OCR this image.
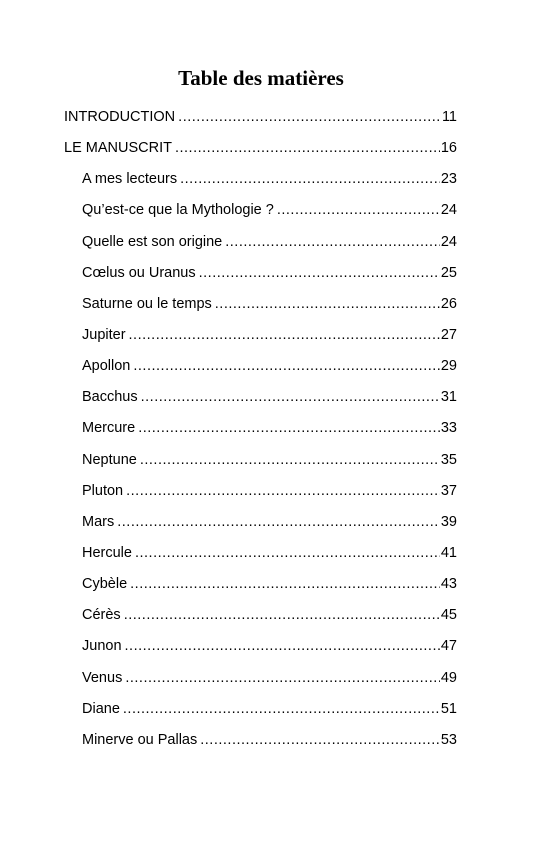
Table des matières
INTRODUCTION .....	11
LE MANUSCRIT .....	16
A mes lecteurs .....	23
Qu’est-ce que la Mythologie ? .....	24
Quelle est son origine .....	24
Cœlus ou Uranus .....	25
Saturne ou le temps .....	26
Jupiter .....	27
Apollon .....	29
Bacchus .....	31
Mercure .....	33
Neptune .....	35
Pluton .....	37
Mars .....	39
Hercule .....	41
Cybèle .....	43
Cérès .....	45
Junon .....	47
Venus .....	49
Diane .....	51
Minerve ou Pallas .....	53
